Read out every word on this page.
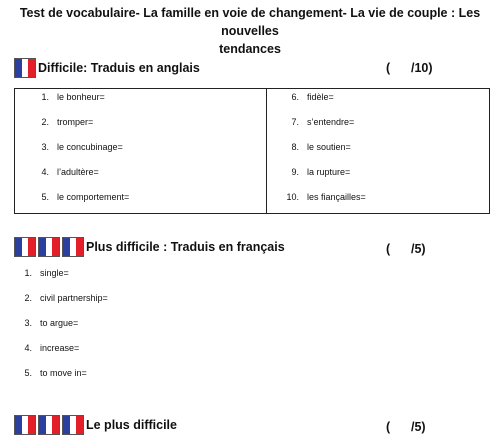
Test de vocabulaire- La famille en voie de changement- La vie de couple : Les nouvelles
tendances
Difficile: Traduis en anglais	(      /10)
1. le bonheur=
2. tromper=
3. le concubinage=
4. l’adultère=
5. le comportement=
6. fidèle=
7. s’entendre=
8. le soutien=
9. la rupture=
10. les fiançailles=
Plus difficile : Traduis en français	(      /5)
1. single=
2. civil partnership=
3. to argue=
4. increase=
5. to move in=
Le plus difficile	(      /5)
